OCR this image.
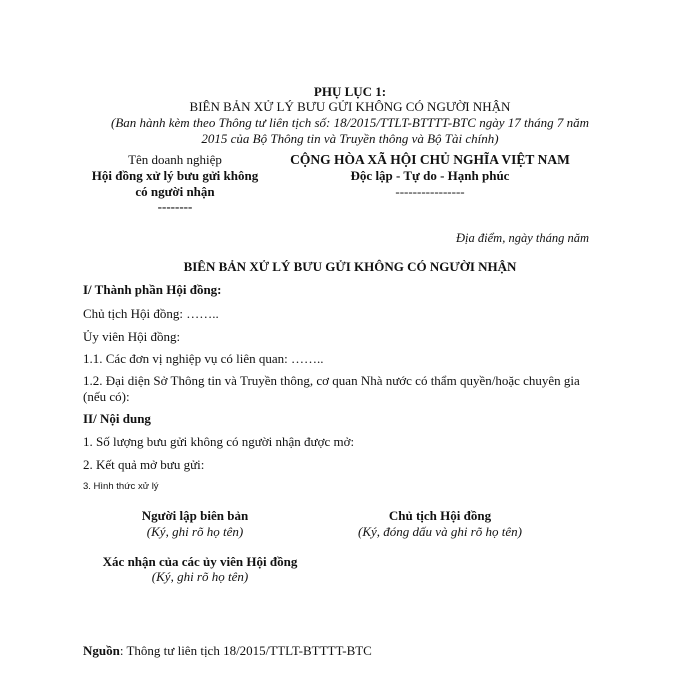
PHỤ LỤC 1:
BIÊN BẢN XỬ LÝ BƯU GỬI KHÔNG CÓ NGƯỜI NHẬN
(Ban hành kèm theo Thông tư liên tịch số: 18/2015/TTLT-BTTTT-BTC ngày 17 tháng 7 năm
2015 của Bộ Thông tin và Truyền thông và Bộ Tài chính)
Tên doanh nghiệp
Hội đồng xử lý bưu gửi không
có người nhận
--------
CỘNG HÒA XÃ HỘI CHỦ NGHĨA VIỆT NAM
Độc lập - Tự do - Hạnh phúc
----------------
Địa điểm, ngày tháng năm
BIÊN BẢN XỬ LÝ BƯU GỬI KHÔNG CÓ NGƯỜI NHẬN
I/ Thành phần Hội đồng:
Chủ tịch Hội đồng: ……..
Ủy viên Hội đồng:
1.1. Các đơn vị nghiệp vụ có liên quan: ……..
1.2. Đại diện Sở Thông tin và Truyền thông, cơ quan Nhà nước có thẩm quyền/hoặc chuyên gia
(nếu có):
II/ Nội dung
1. Số lượng bưu gửi không có người nhận được mở:
2. Kết quả mở bưu gửi:
3. Hình thức xử lý
Người lập biên bản
(Ký, ghi rõ họ tên)
Chủ tịch Hội đồng
(Ký, đóng dấu và ghi rõ họ tên)
Xác nhận của các ủy viên Hội đồng
(Ký, ghi rõ họ tên)
Nguồn: Thông tư liên tịch 18/2015/TTLT-BTTTT-BTC
